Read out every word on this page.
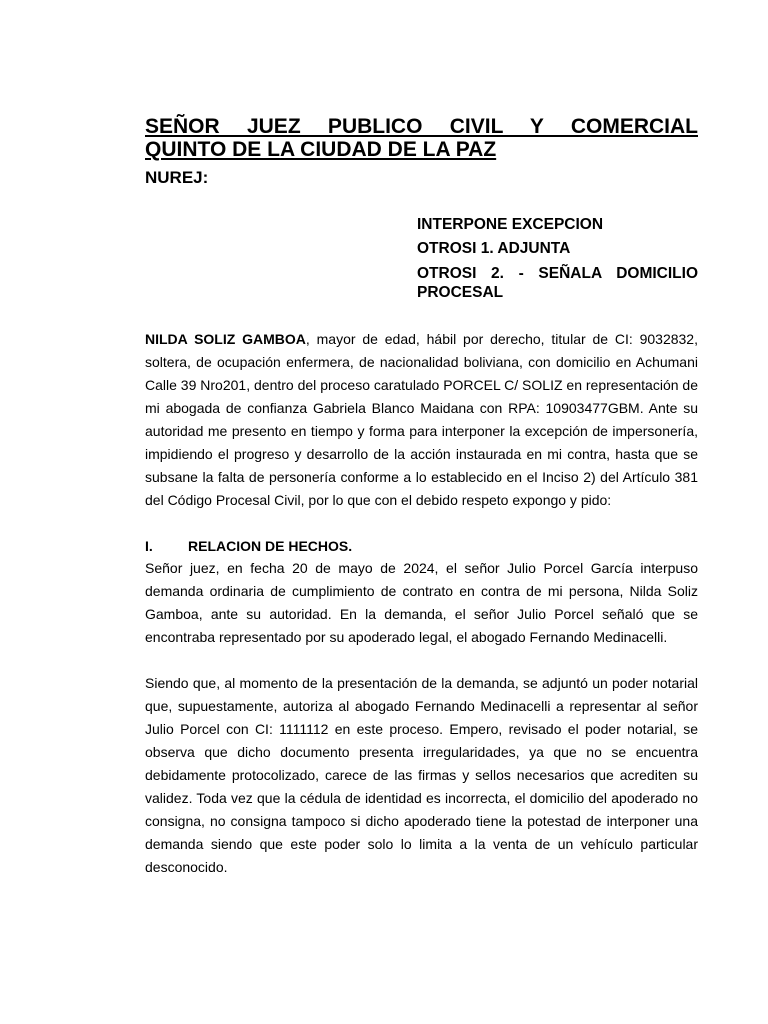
SEÑOR JUEZ PUBLICO CIVIL Y COMERCIAL
QUINTO DE LA CIUDAD DE LA PAZ

NUREJ:

INTERPONE EXCEPCION

OTROSI 1. ADJUNTA

OTROSI 2. - SEÑALA DOMICILIO PROCESAL

NILDA SOLIZ GAMBOA, mayor de edad, hábil por derecho, titular de CI: 9032832, soltera, de ocupación enfermera, de nacionalidad boliviana, con domicilio en Achumani Calle 39 Nro201, dentro del proceso caratulado PORCEL C/ SOLIZ en representación de mi abogada de confianza Gabriela Blanco Maidana con RPA: 10903477GBM. Ante su autoridad me presento en tiempo y forma para interponer la excepción de impersonería, impidiendo el progreso y desarrollo de la acción instaurada en mi contra, hasta que se subsane la falta de personería conforme a lo establecido en el Inciso 2) del Artículo 381 del Código Procesal Civil, por lo que con el debido respeto expongo y pido:

I.	RELACION DE HECHOS.

Señor juez, en fecha 20 de mayo de 2024, el señor Julio Porcel García interpuso demanda ordinaria de cumplimiento de contrato en contra de mi persona, Nilda Soliz Gamboa, ante su autoridad. En la demanda, el señor Julio Porcel señaló que se encontraba representado por su apoderado legal, el abogado Fernando Medinacelli.

Siendo que, al momento de la presentación de la demanda, se adjuntó un poder notarial que, supuestamente, autoriza al abogado Fernando Medinacelli a representar al señor Julio Porcel con CI: 1111112 en este proceso. Empero, revisado el poder notarial, se observa que dicho documento presenta irregularidades, ya que no se encuentra debidamente protocolizado, carece de las firmas y sellos necesarios que acrediten su validez. Toda vez que la cédula de identidad es incorrecta, el domicilio del apoderado no consigna, no consigna tampoco si dicho apoderado tiene la potestad de interponer una demanda siendo que este poder solo lo limita a la venta de un vehículo particular desconocido.
